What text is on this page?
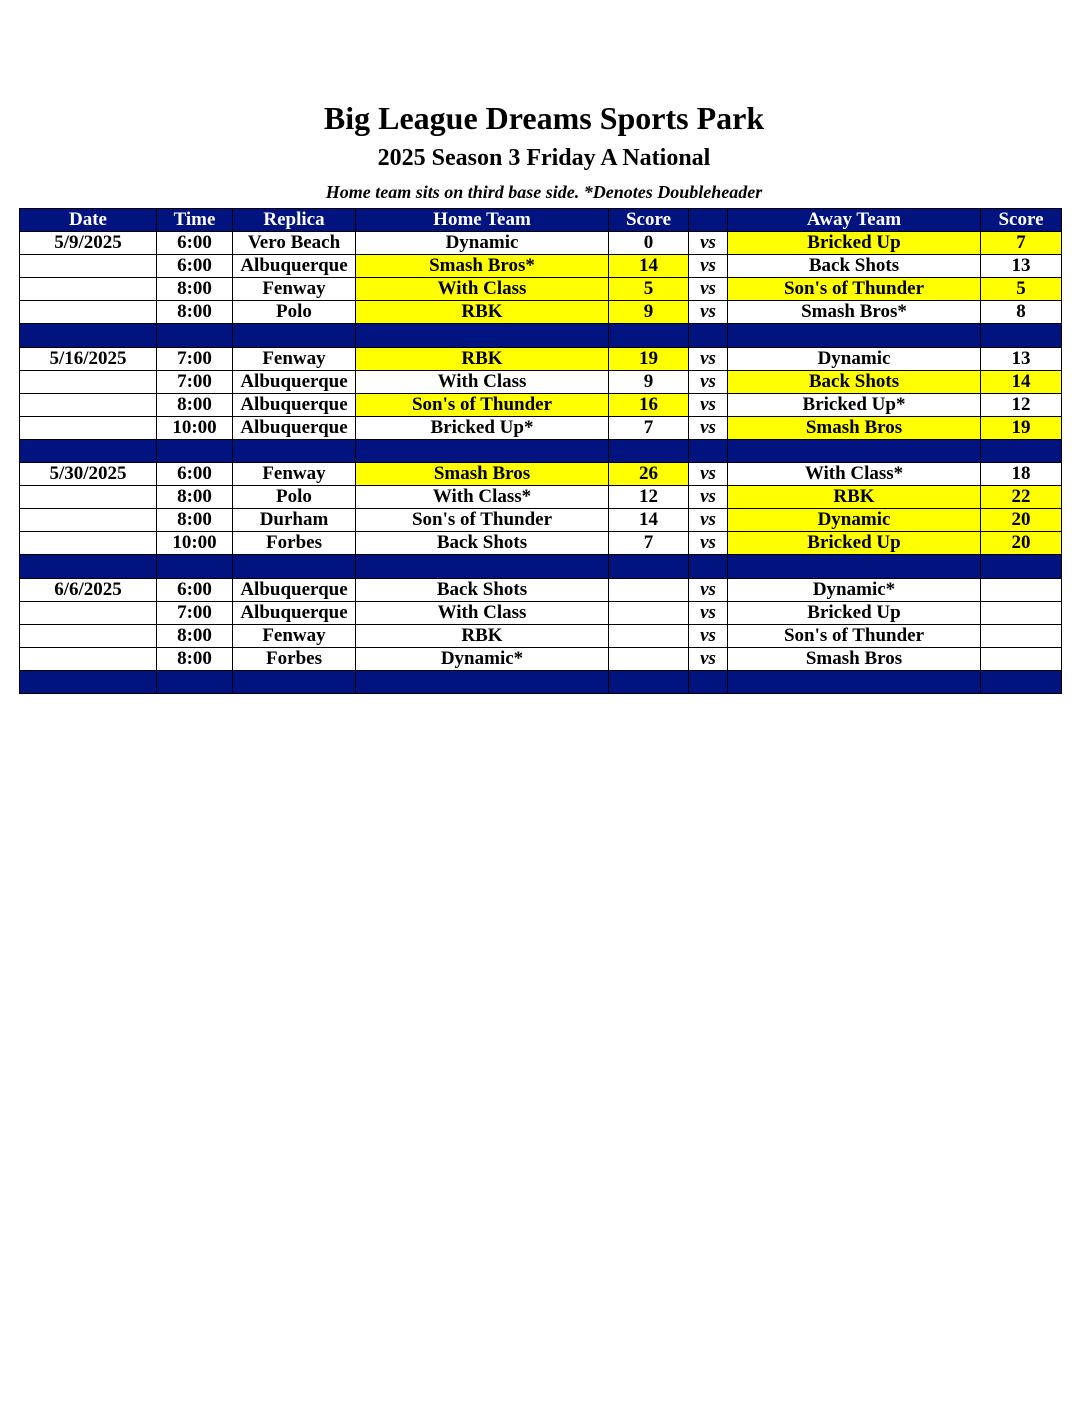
Big League Dreams Sports Park
2025 Season 3 Friday A National
Home team sits on third base side. *Denotes Doubleheader
Date	Time	Replica	Home Team	Score		Away Team	Score
5/9/2025	6:00	Vero Beach	Dynamic	0	vs	Bricked Up	7
	6:00	Albuquerque	Smash Bros*	14	vs	Back Shots	13
	8:00	Fenway	With Class	5	vs	Son's of Thunder	5
	8:00	Polo	RBK	9	vs	Smash Bros*	8

5/16/2025	7:00	Fenway	RBK	19	vs	Dynamic	13
	7:00	Albuquerque	With Class	9	vs	Back Shots	14
	8:00	Albuquerque	Son's of Thunder	16	vs	Bricked Up*	12
	10:00	Albuquerque	Bricked Up*	7	vs	Smash Bros	19

5/30/2025	6:00	Fenway	Smash Bros	26	vs	With Class*	18
	8:00	Polo	With Class*	12	vs	RBK	22
	8:00	Durham	Son's of Thunder	14	vs	Dynamic	20
	10:00	Forbes	Back Shots	7	vs	Bricked Up	20

6/6/2025	6:00	Albuquerque	Back Shots		vs	Dynamic*	
	7:00	Albuquerque	With Class		vs	Bricked Up	
	8:00	Fenway	RBK		vs	Son's of Thunder	
	8:00	Forbes	Dynamic*		vs	Smash Bros	
